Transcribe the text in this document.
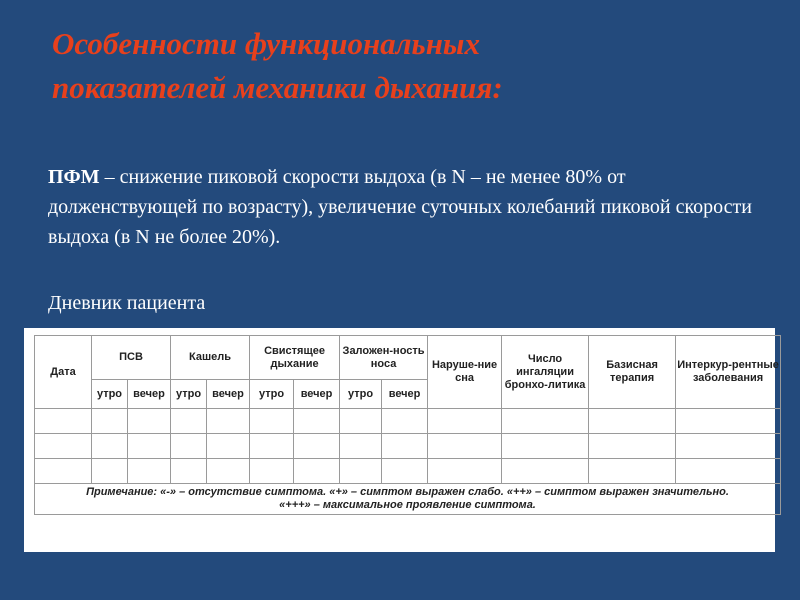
Особенности функциональных
показателей механики дыхания:

ПФМ – снижение пиковой скорости выдоха (в N – не менее 80% от долженствующей по возрасту), увеличение суточных колебаний пиковой скорости выдоха (в N не более 20%).

Дневник пациента

Дата	ПСВ		Кашель		Свистящее дыхание		Заложен-ность носа		Наруше-ние сна	Число ингаляции бронхо-литика	Базисная терапия	Интеркур-рентные заболевания
	утро	вечер	утро	вечер	утро	вечер	утро	вечер				

Примечание: «-» – отсутствие симптома. «+» – симптом выражен слабо. «++» – симптом выражен значительно.
«+++» – максимальное проявление симптома.												
